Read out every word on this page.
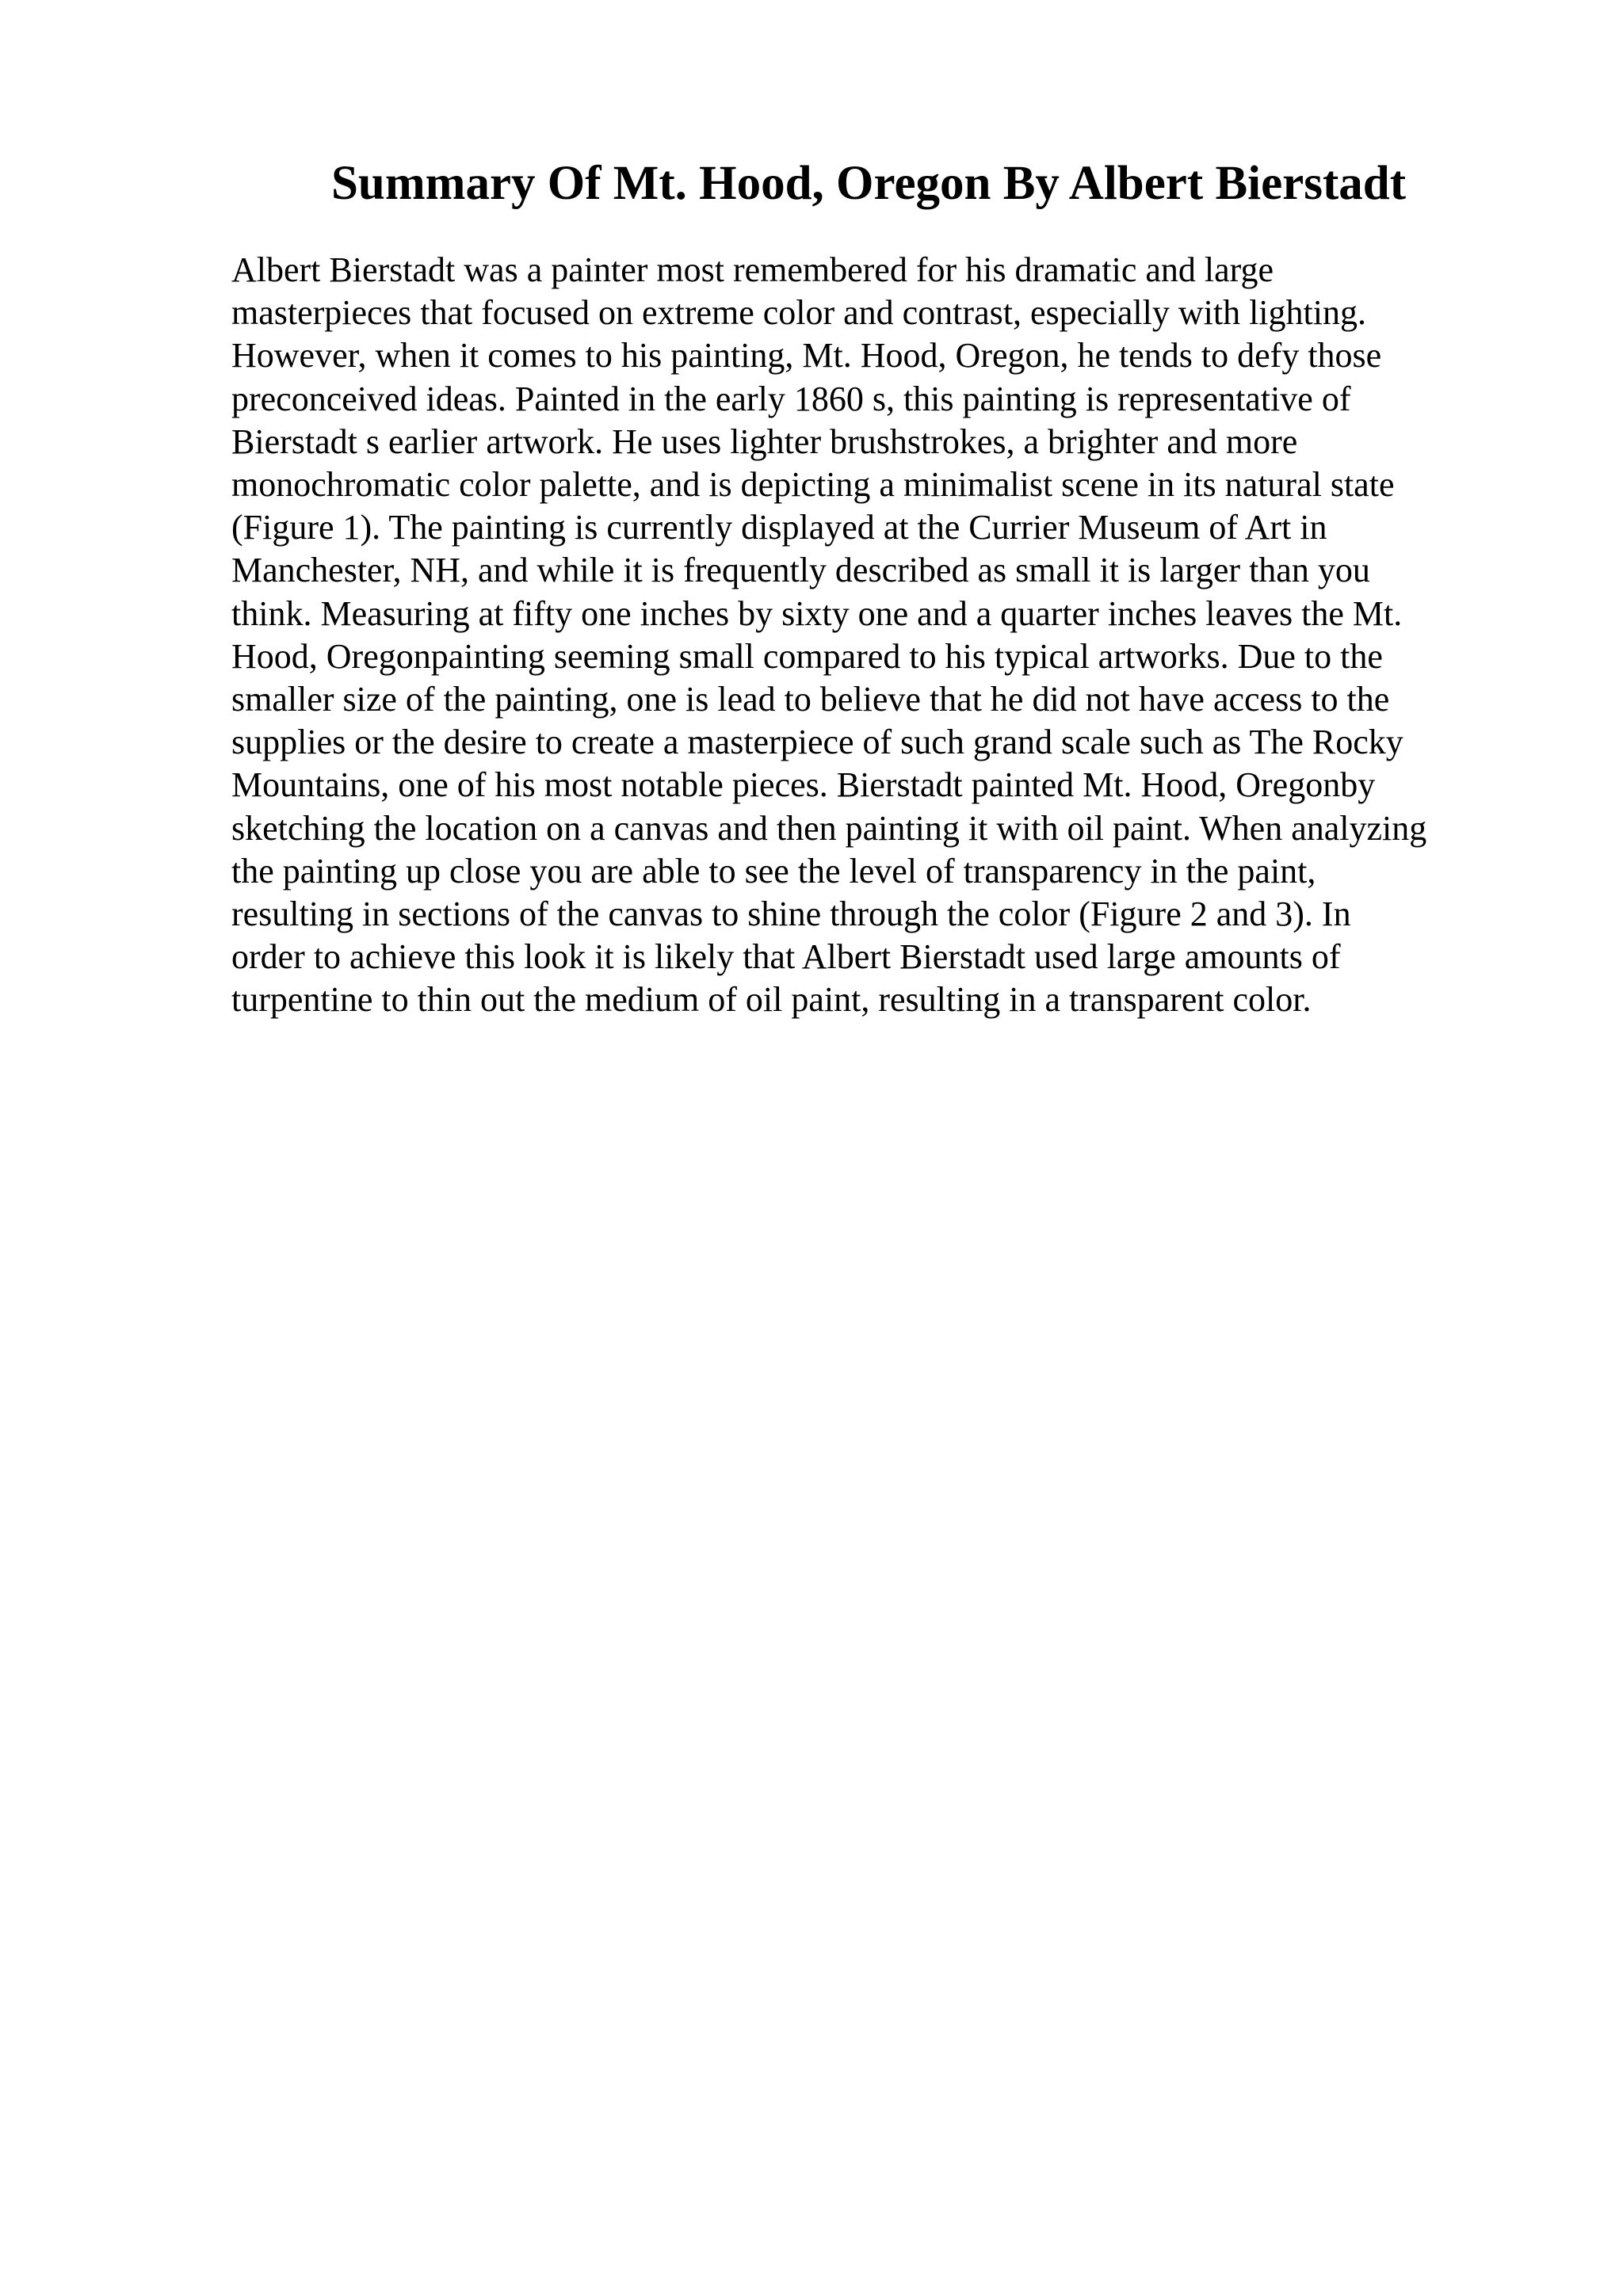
Summary Of Mt. Hood, Oregon By Albert Bierstadt
Albert Bierstadt was a painter most remembered for his dramatic and large
masterpieces that focused on extreme color and contrast, especially with lighting.
However, when it comes to his painting, Mt. Hood, Oregon, he tends to defy those
preconceived ideas. Painted in the early 1860 s, this painting is representative of
Bierstadt s earlier artwork. He uses lighter brushstrokes, a brighter and more
monochromatic color palette, and is depicting a minimalist scene in its natural state
(Figure 1). The painting is currently displayed at the Currier Museum of Art in
Manchester, NH, and while it is frequently described as small it is larger than you
think. Measuring at fifty one inches by sixty one and a quarter inches leaves the Mt.
Hood, Oregonpainting seeming small compared to his typical artworks. Due to the
smaller size of the painting, one is lead to believe that he did not have access to the
supplies or the desire to create a masterpiece of such grand scale such as The Rocky
Mountains, one of his most notable pieces. Bierstadt painted Mt. Hood, Oregonby
sketching the location on a canvas and then painting it with oil paint. When analyzing
the painting up close you are able to see the level of transparency in the paint,
resulting in sections of the canvas to shine through the color (Figure 2 and 3). In
order to achieve this look it is likely that Albert Bierstadt used large amounts of
turpentine to thin out the medium of oil paint, resulting in a transparent color.
